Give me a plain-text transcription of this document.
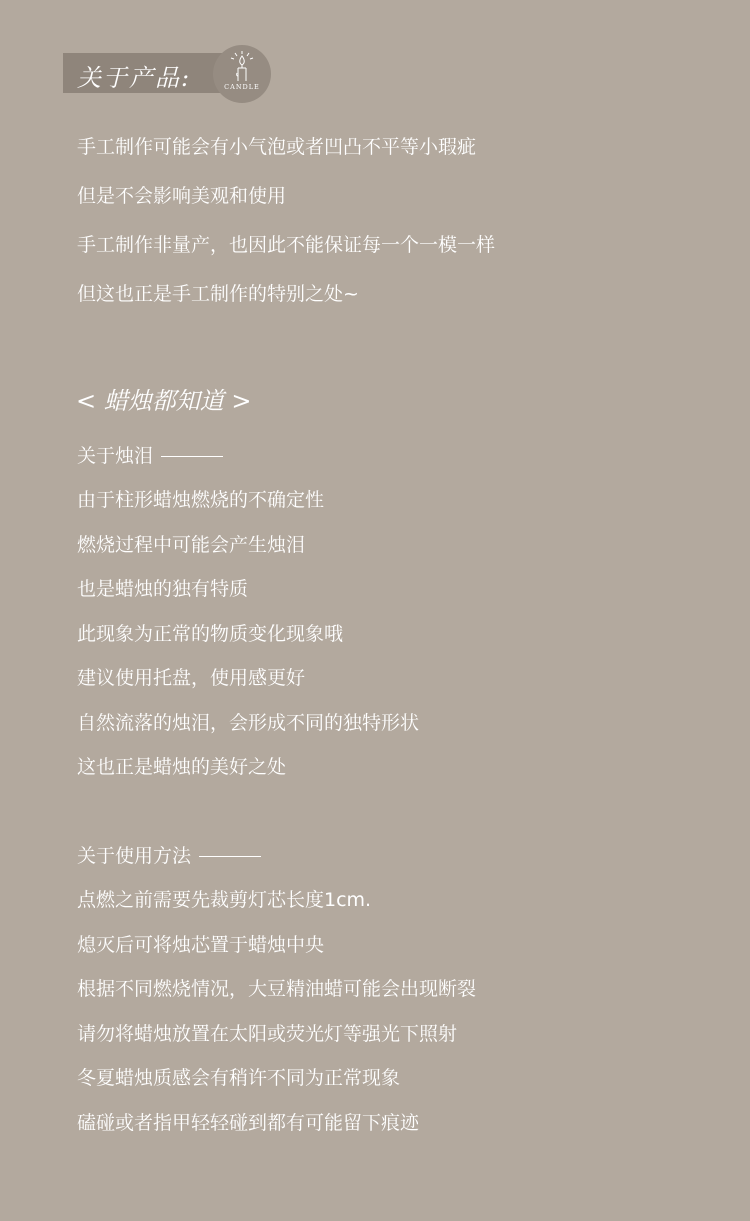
关于产品:	CANDLE
手工制作可能会有小气泡或者凹凸不平等小瑕疵
但是不会影响美观和使用
手工制作非量产，也因此不能保证每一个一模一样
但这也正是手工制作的特别之处~
< 蜡烛都知道 >
关于烛泪
由于柱形蜡烛燃烧的不确定性
燃烧过程中可能会产生烛泪
也是蜡烛的独有特质
此现象为正常的物质变化现象哦
建议使用托盘，使用感更好
自然流落的烛泪，会形成不同的独特形状
这也正是蜡烛的美好之处
关于使用方法
点燃之前需要先裁剪灯芯长度1cm.
熄灭后可将烛芯置于蜡烛中央
根据不同燃烧情况，大豆精油蜡可能会出现断裂
请勿将蜡烛放置在太阳或荧光灯等强光下照射
冬夏蜡烛质感会有稍许不同为正常现象
磕碰或者指甲轻轻碰到都有可能留下痕迹
